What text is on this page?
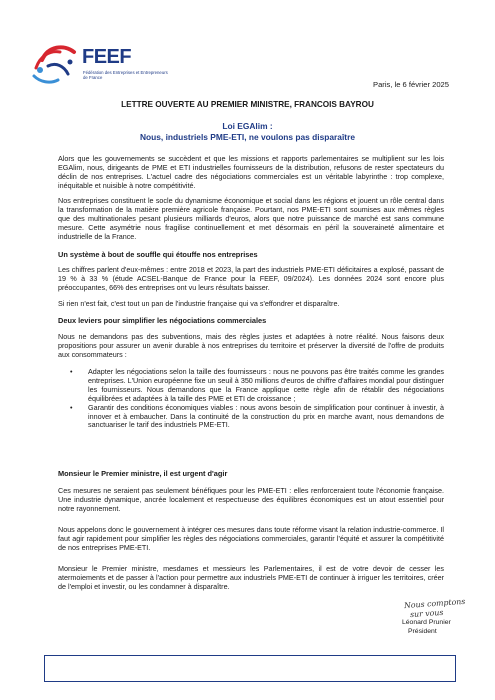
FEEF
Fédération des Entreprises et Entrepreneurs de France
Paris, le 6 février 2025
LETTRE OUVERTE AU PREMIER MINISTRE, FRANCOIS BAYROU
Loi EGAlim :
Nous, industriels PME-ETI, ne voulons pas disparaître

Alors que les gouvernements se succèdent et que les missions et rapports parlementaires se multiplient sur les lois EGAlim, nous, dirigeants de PME et ETI industrielles fournisseurs de la distribution, refusons de rester spectateurs du déclin de nos entreprises. L'actuel cadre des négociations commerciales est un véritable labyrinthe : trop complexe, inéquitable et nuisible à notre compétitivité.

Nos entreprises constituent le socle du dynamisme économique et social dans les régions et jouent un rôle central dans la transformation de la matière première agricole française. Pourtant, nos PME-ETI sont soumises aux mêmes règles que des multinationales pesant plusieurs milliards d'euros, alors que notre puissance de marché est sans commune mesure. Cette asymétrie nous fragilise continuellement et met désormais en péril la souveraineté alimentaire et industrielle de la France.

Un système à bout de souffle qui étouffe nos entreprises

Les chiffres parlent d'eux-mêmes : entre 2018 et 2023, la part des industriels PME-ETI déficitaires a explosé, passant de 19 % à 33 % (étude ACSEL-Banque de France pour la FEEF, 09/2024). Les données 2024 sont encore plus préoccupantes, 66% des entreprises ont vu leurs résultats baisser.

Si rien n'est fait, c'est tout un pan de l'industrie française qui va s'effondrer et disparaître.

Deux leviers pour simplifier les négociations commerciales

Nous ne demandons pas des subventions, mais des règles justes et adaptées à notre réalité. Nous faisons deux propositions pour assurer un avenir durable à nos entreprises du territoire et préserver la diversité de l'offre de produits aux consommateurs :

• Adapter les négociations selon la taille des fournisseurs : nous ne pouvons pas être traités comme les grandes entreprises. L'Union européenne fixe un seuil à 350 millions d'euros de chiffre d'affaires mondial pour distinguer les fournisseurs. Nous demandons que la France applique cette règle afin de rétablir des négociations équilibrées et adaptées à la taille des PME et ETI de croissance ;
• Garantir des conditions économiques viables : nous avons besoin de simplification pour continuer à investir, à innover et à embaucher. Dans la continuité de la construction du prix en marche avant, nous demandons de sanctuariser le tarif des industriels PME-ETI.
Monsieur le Premier ministre, il est urgent d'agir

Ces mesures ne seraient pas seulement bénéfiques pour les PME-ETI : elles renforceraient toute l'économie française. Une industrie dynamique, ancrée localement et respectueuse des équilibres économiques est un atout essentiel pour notre rayonnement.

Nous appelons donc le gouvernement à intégrer ces mesures dans toute réforme visant la relation industrie-commerce. Il faut agir rapidement pour simplifier les règles des négociations commerciales, garantir l'équité et assurer la compétitivité de nos entreprises PME-ETI.

Monsieur le Premier ministre, mesdames et messieurs les Parlementaires, il est de votre devoir de cesser les atermoiements et de passer à l'action pour permettre aux industriels PME-ETI de continuer à irriguer les territoires, créer de l'emploi et investir, ou les condamner à disparaître.

Nous comptons
sur vous
Léonard Prunier
Président
